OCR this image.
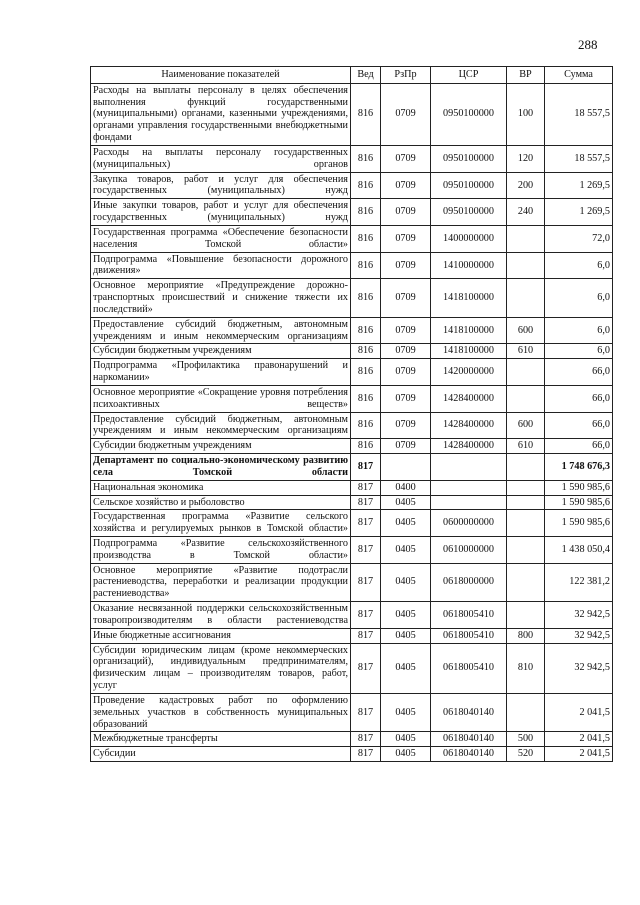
288
Наименование показателей	Вед	РзПр	ЦСР	ВР	Сумма
Расходы на выплаты персоналу в целях обеспечения выполнения функций государственными (муниципальными) органами, казенными учреждениями, органами управления государственными внебюджетными фондами	816	0709	0950100000	100	18 557,5
Расходы на выплаты персоналу государственных (муниципальных) органов	816	0709	0950100000	120	18 557,5
Закупка товаров, работ и услуг для обеспечения государственных (муниципальных) нужд	816	0709	0950100000	200	1 269,5
Иные закупки товаров, работ и услуг для обеспечения государственных (муниципальных) нужд	816	0709	0950100000	240	1 269,5
Государственная программа «Обеспечение безопасности населения Томской области»	816	0709	1400000000		72,0
Подпрограмма «Повышение безопасности дорожного движения»	816	0709	1410000000		6,0
Основное мероприятие «Предупреждение дорожно-транспортных происшествий и снижение тяжести их последствий»	816	0709	1418100000		6,0
Предоставление субсидий бюджетным, автономным учреждениям и иным некоммерческим организациям	816	0709	1418100000	600	6,0
Субсидии бюджетным учреждениям	816	0709	1418100000	610	6,0
Подпрограмма «Профилактика правонарушений и наркомании»	816	0709	1420000000		66,0
Основное мероприятие «Сокращение уровня потребления психоактивных веществ»	816	0709	1428400000		66,0
Предоставление субсидий бюджетным, автономным учреждениям и иным некоммерческим организациям	816	0709	1428400000	600	66,0
Субсидии бюджетным учреждениям	816	0709	1428400000	610	66,0
Департамент по социально-экономическому развитию села Томской области	817				1 748 676,3
Национальная экономика	817	0400			1 590 985,6
Сельское хозяйство и рыболовство	817	0405			1 590 985,6
Государственная программа «Развитие сельского хозяйства и регулируемых рынков в Томской области»	817	0405	0600000000		1 590 985,6
Подпрограмма «Развитие сельскохозяйственного производства в Томской области»	817	0405	0610000000		1 438 050,4
Основное мероприятие «Развитие подотрасли растениеводства, переработки и реализации продукции растениеводства»	817	0405	0618000000		122 381,2
Оказание несвязанной поддержки сельскохозяйственным товаропроизводителям в области растениеводства	817	0405	0618005410		32 942,5
Иные бюджетные ассигнования	817	0405	0618005410	800	32 942,5
Субсидии юридическим лицам (кроме некоммерческих организаций), индивидуальным предпринимателям, физическим лицам – производителям товаров, работ, услуг	817	0405	0618005410	810	32 942,5
Проведение кадастровых работ по оформлению земельных участков в собственность муниципальных образований	817	0405	0618040140		2 041,5
Межбюджетные трансферты	817	0405	0618040140	500	2 041,5
Субсидии	817	0405	0618040140	520	2 041,5
